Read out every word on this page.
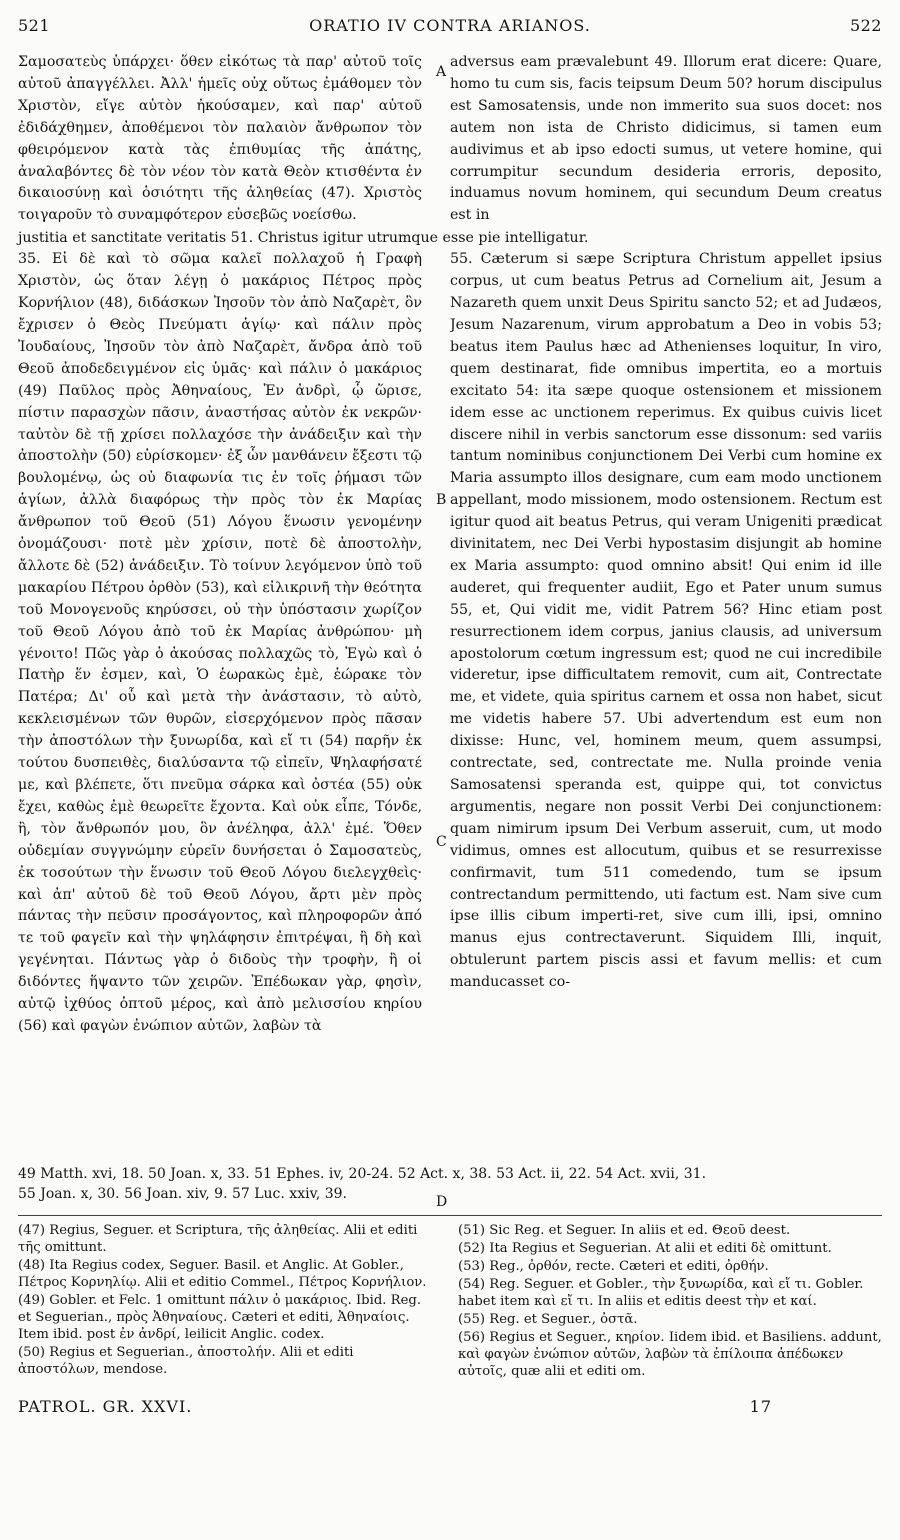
521	ORATIO IV CONTRA ARIANOS.	522

Σαμοσατεὺς ὑπάρχει· ὅθεν εἰκότως τὰ παρ' αὐτοῦ τοῖς αὐτοῦ ἀπαγγέλλει. Ἀλλ' ἡμεῖς οὐχ οὕτως ἐμάθομεν τὸν Χριστὸν, εἴγε αὐτὸν ἠκούσαμεν, καὶ παρ' αὐτοῦ ἐδιδάχθημεν, ἀποθέμενοι τὸν παλαιὸν ἄνθρωπον τὸν φθειρόμενον κατὰ τὰς ἐπιθυμίας τῆς ἀπάτης, ἀναλαβόντες δὲ τὸν νέον τὸν κατὰ Θεὸν κτισθέντα ἐν δικαιοσύνῃ καὶ ὁσιότητι τῆς ἀληθείας (47). Χριστὸς τοιγαροῦν τὸ συναμφότερον εὐσεβῶς νοείσθω.

adversus eam prævalebunt 49. Illorum erat dicere: Quare, homo tu cum sis, facis teipsum Deum 50? horum discipulus est Samosatensis, unde non immerito sua suos docet: nos autem non ista de Christo didicimus, si tamen eum audivimus et ab ipso edocti sumus, ut vetere homine, qui corrumpitur secundum desideria erroris, deposito, induamus novum hominem, qui secundum Deum creatus est in

A
B
C
D

justitia et sanctitate veritatis 51. Christus igitur utrumque esse pie intelligatur.

35. Εἰ δὲ καὶ τὸ σῶμα καλεῖ πολλαχοῦ ἡ Γραφὴ Χριστὸν, ὡς ὅταν λέγῃ ὁ μακάριος Πέτρος πρὸς Κορνήλιον (48), διδάσκων Ἰησοῦν τὸν ἀπὸ Ναζαρὲτ, ὃν ἔχρισεν ὁ Θεὸς Πνεύματι ἁγίῳ· καὶ πάλιν πρὸς Ἰουδαίους, Ἰησοῦν τὸν ἀπὸ Ναζαρὲτ, ἄνδρα ἀπὸ τοῦ Θεοῦ ἀποδεδειγμένον εἰς ὑμᾶς· καὶ πάλιν ὁ μακάριος (49) Παῦλος πρὸς Ἀθηναίους, Ἐν ἀνδρὶ, ᾧ ὥρισε, πίστιν παρασχὼν πᾶσιν, ἀναστήσας αὐτὸν ἐκ νεκρῶν· ταὐτὸν δὲ τῇ χρίσει πολλαχόσε τὴν ἀνάδειξιν καὶ τὴν ἀποστολὴν (50) εὑρίσκομεν· ἐξ ὧν μανθάνειν ἔξεστι τῷ βουλομένῳ, ὡς οὐ διαφωνία τις ἐν τοῖς ῥήμασι τῶν ἁγίων, ἀλλὰ διαφόρως τὴν πρὸς τὸν ἐκ Μαρίας ἄνθρωπον τοῦ Θεοῦ (51) Λόγου ἕνωσιν γενομένην ὀνομάζουσι· ποτὲ μὲν χρίσιν, ποτὲ δὲ ἀποστολὴν, ἄλλοτε δὲ (52) ἀνάδειξιν. Τὸ τοίνυν λεγόμενον ὑπὸ τοῦ μακαρίου Πέτρου ὀρθὸν (53), καὶ εἰλικρινῆ τὴν θεότητα τοῦ Μονογενοῦς κηρύσσει, οὐ τὴν ὑπόστασιν χωρίζον τοῦ Θεοῦ Λόγου ἀπὸ τοῦ ἐκ Μαρίας ἀνθρώπου· μὴ γένοιτο! Πῶς γὰρ ὁ ἀκούσας πολλαχῶς τὸ, Ἐγὼ καὶ ὁ Πατὴρ ἕν ἐσμεν, καὶ, Ὁ ἑωρακὼς ἐμὲ, ἑώρακε τὸν Πατέρα; Δι' οὗ καὶ μετὰ τὴν ἀνάστασιν, τὸ αὐτὸ, κεκλεισμένων τῶν θυρῶν, εἰσερχόμενον πρὸς πᾶσαν τὴν ἀποστόλων τὴν ξυνωρίδα, καὶ εἴ τι (54) παρῆν ἐκ τούτου δυσπειθὲς, διαλύσαντα τῷ εἰπεῖν, Ψηλαφήσατέ με, καὶ βλέπετε, ὅτι πνεῦμα σάρκα καὶ ὀστέα (55) οὐκ ἔχει, καθὼς ἐμὲ θεωρεῖτε ἔχοντα. Καὶ οὐκ εἶπε, Τόνδε, ἢ, τὸν ἄνθρωπόν μου, ὃν ἀνέληφα, ἀλλ' ἐμέ. Ὅθεν οὐδεμίαν συγγνώμην εὑρεῖν δυνήσεται ὁ Σαμοσατεὺς, ἐκ τοσούτων τὴν ἕνωσιν τοῦ Θεοῦ Λόγου διελεγχθεὶς· καὶ ἀπ' αὐτοῦ δὲ τοῦ Θεοῦ Λόγου, ἄρτι μὲν πρὸς πάντας τὴν πεῦσιν προσάγοντος, καὶ πληροφορῶν ἀπό τε τοῦ φαγεῖν καὶ τὴν ψηλάφησιν ἐπιτρέψαι, ἢ δὴ καὶ γεγένηται. Πάντως γὰρ ὁ διδοὺς τὴν τροφὴν, ἢ οἱ διδόντες ἥψαντο τῶν χειρῶν. Ἐπέδωκαν γὰρ, φησὶν, αὐτῷ ἰχθύος ὀπτοῦ μέρος, καὶ ἀπὸ μελισσίου κηρίου (56) καὶ φαγὼν ἐνώπιον αὐτῶν, λαβὼν τὰ

55. Cæterum si sæpe Scriptura Christum appellet ipsius corpus, ut cum beatus Petrus ad Cornelium ait, Jesum a Nazareth quem unxit Deus Spiritu sancto 52; et ad Judæos, Jesum Nazarenum, virum approbatum a Deo in vobis 53; beatus item Paulus hæc ad Athenienses loquitur, In viro, quem destinarat, fide omnibus impertita, eo a mortuis excitato 54: ita sæpe quoque ostensionem et missionem idem esse ac unctionem reperimus. Ex quibus cuivis licet discere nihil in verbis sanctorum esse dissonum: sed variis tantum nominibus conjunctionem Dei Verbi cum homine ex Maria assumpto illos designare, cum eam modo unctionem appellant, modo missionem, modo ostensionem. Rectum est igitur quod ait beatus Petrus, qui veram Unigeniti prædicat divinitatem, nec Dei Verbi hypostasim disjungit ab homine ex Maria assumpto: quod omnino absit! Qui enim id ille auderet, qui frequenter audiit, Ego et Pater unum sumus 55, et, Qui vidit me, vidit Patrem 56? Hinc etiam post resurrectionem idem corpus, janius clausis, ad universum apostolorum cœtum ingressum est; quod ne cui incredibile videretur, ipse difficultatem removit, cum ait, Contrectate me, et videte, quia spiritus carnem et ossa non habet, sicut me videtis habere 57. Ubi advertendum est eum non dixisse: Hunc, vel, hominem meum, quem assumpsi, contrectate, sed, contrectate me. Nulla proinde venia Samosatensi speranda est, quippe qui, tot convictus argumentis, negare non possit Verbi Dei conjunctionem: quam nimirum ipsum Dei Verbum asseruit, cum, ut modo vidimus, omnes est allocutum, quibus et se resurrexisse confirmavit, tum 511 comedendo, tum se ipsum contrectandum permittendo, uti factum est. Nam sive cum ipse illis cibum imperti-ret, sive cum illi, ipsi, omnino manus ejus contrectaverunt. Siquidem Illi, inquit, obtulerunt partem piscis assi et favum mellis: et cum manducasset co-

49 Matth. xvi, 18. 50 Joan. x, 33. 51 Ephes. iv, 20-24. 52 Act. x, 38. 53 Act. ii, 22. 54 Act. xvii, 31.

55 Joan. x, 30. 56 Joan. xiv, 9. 57 Luc. xxiv, 39.

(47) Regius, Seguer. et Scriptura, τῆς ἀληθείας. Alii et editi τῆς omittunt.

(48) Ita Regius codex, Seguer. Basil. et Anglic. At Gobler., Πέτρος Κορνηλίῳ. Alii et editio Commel., Πέτρος Κορνήλιον.

(49) Gobler. et Felc. 1 omittunt πάλιν ὁ μακάριος. Ibid. Reg. et Seguerian., πρὸς Ἀθηναίους. Cæteri et editi, Ἀθηναίοις. Item ibid. post ἐν ἀνδρί, leilicit Anglic. codex.

(50) Regius et Seguerian., ἀποστολήν. Alii et editi ἀποστόλων, mendose.

(51) Sic Reg. et Seguer. In aliis et ed. Θεοῦ deest.

(52) Ita Regius et Seguerian. At alii et editi δὲ omittunt.

(53) Reg., ὀρθόν, recte. Cæteri et editi, ὀρθήν.

(54) Reg. Seguer. et Gobler., τὴν ξυνωρίδα, καὶ εἴ τι. Gobler. habet item καὶ εἴ τι. In aliis et editis deest τὴν et καί.

(55) Reg. et Seguer., ὀστᾶ.

(56) Regius et Seguer., κηρίον. Iidem ibid. et Basiliens. addunt, καὶ φαγὼν ἐνώπιον αὐτῶν, λαβὼν τὰ ἐπίλοιπα ἀπέδωκεν αὐτοῖς, quæ alii et editi om.

PATROL. GR. XXVI.	17
